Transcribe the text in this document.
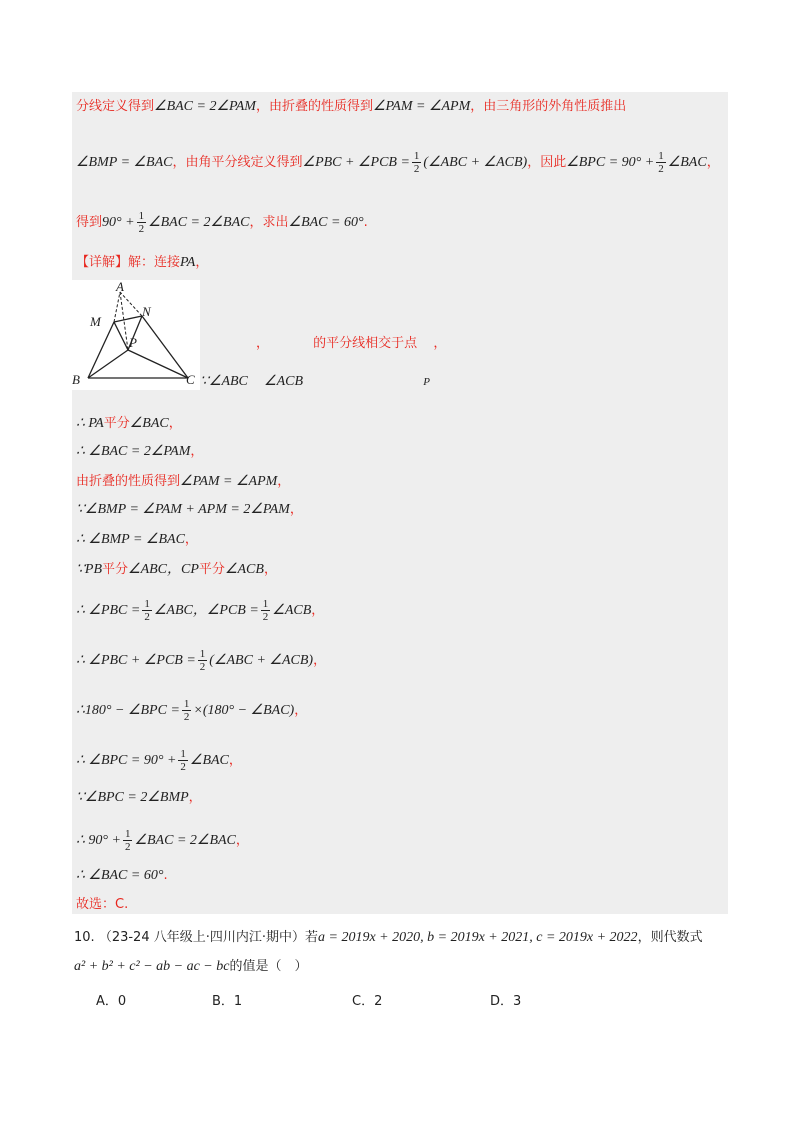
分线定义得到∠BAC = 2∠PAM，由折叠的性质得到∠PAM = ∠APM，由三角形的外角性质推出
∠BMP = ∠BAC，由角平分线定义得到∠PBC + ∠PCB = $\frac{1}{2}$ (∠ABC + ∠ACB)，因此∠BPC = $90^\circ + \frac{1}{2}$ ∠BAC，
得到$90^\circ + \frac{1}{2}$ ∠BAC = 2∠BAC，求出∠BAC = 60°.
【详解】解：连接PA，
A
M
N
P
B	C
，	的平分线相交于点 ，
∵∠ABC ∠ACB	P
∴ PA平分∠BAC，
∴ ∠BAC = 2∠PAM，
由折叠的性质得到∠PAM = ∠APM，
∵∠BMP = ∠PAM + APM = 2∠PAM，
∴ ∠BMP = ∠BAC，
∵PB平分∠ABC，CP平分∠ACB，
∴ ∠PBC = $\frac{1}{2}$ ∠ABC，∠PCB = $\frac{1}{2}$ ∠ACB，
∴ ∠PBC + ∠PCB = $\frac{1}{2}$ (∠ABC + ∠ACB)，
∴180° − ∠BPC = $\frac{1}{2} \times(180^\circ$ − ∠BAC)，
∴ ∠BPC = $90^\circ + \frac{1}{2}$ ∠BAC，
∵∠BPC = 2∠BMP，
∴ $90^\circ + \frac{1}{2}$ ∠BAC = 2∠BAC，
∴ ∠BAC = 60°.
故选：C.
10. （23-24 八年级上·四川内江·期中）若a = 2019x + 2020, b = 2019x + 2021, c = 2019x + 2022，则代数式
a² + b² + c² − ab − ac − bc的值是（　）
A．0	B．1	C．2	D．3
